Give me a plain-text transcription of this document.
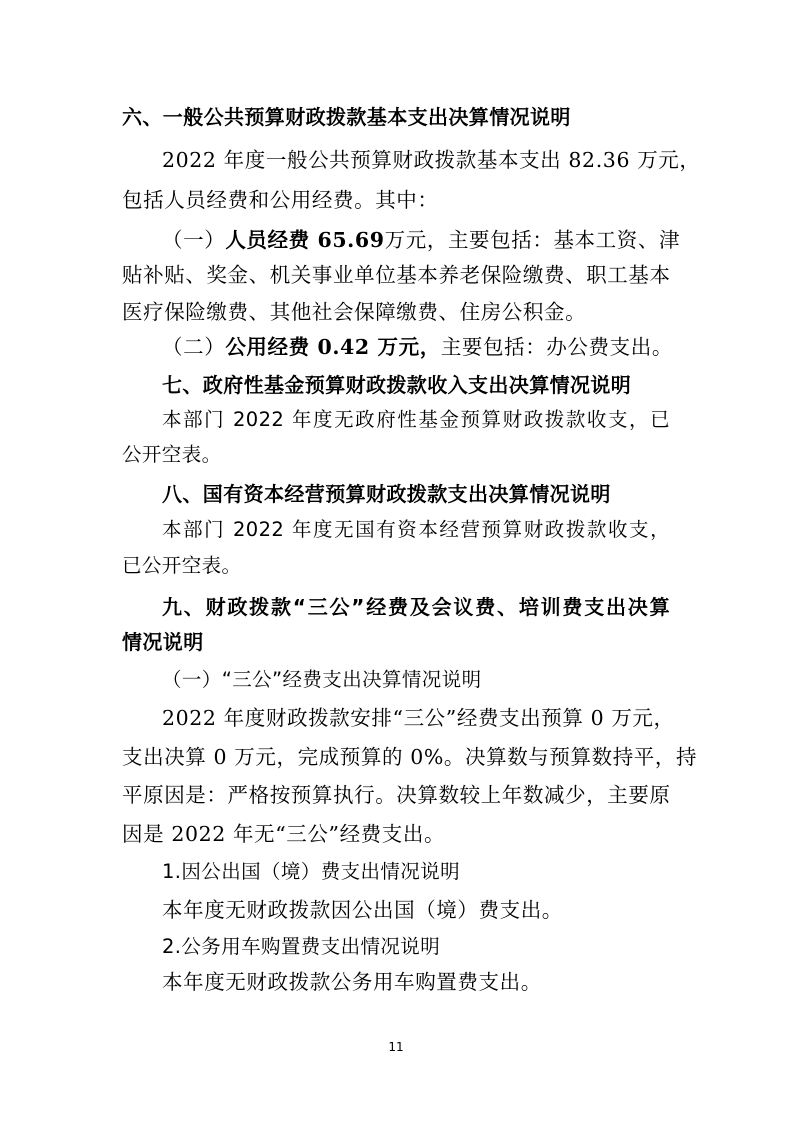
六、一般公共预算财政拨款基本支出决算情况说明
2022 年度一般公共预算财政拨款基本支出 82.36 万元，
包括人员经费和公用经费。其中：
（一）人员经费 65.69万元，主要包括：基本工资、津
贴补贴、奖金、机关事业单位基本养老保险缴费、职工基本
医疗保险缴费、其他社会保障缴费、住房公积金。
（二）公用经费 0.42 万元，主要包括：办公费支出。
七、政府性基金预算财政拨款收入支出决算情况说明
本部门 2022 年度无政府性基金预算财政拨款收支，已
公开空表。
八、国有资本经营预算财政拨款支出决算情况说明
本部门 2022 年度无国有资本经营预算财政拨款收支，
已公开空表。
九、财政拨款“三公”经费及会议费、培训费支出决算
情况说明
（一）“三公”经费支出决算情况说明
2022 年度财政拨款安排“三公”经费支出预算 0 万元，
支出决算 0 万元，完成预算的 0%。决算数与预算数持平，持
平原因是：严格按预算执行。决算数较上年数减少，主要原
因是 2022 年无“三公”经费支出。
1.因公出国（境）费支出情况说明
本年度无财政拨款因公出国（境）费支出。
2.公务用车购置费支出情况说明
本年度无财政拨款公务用车购置费支出。
11
